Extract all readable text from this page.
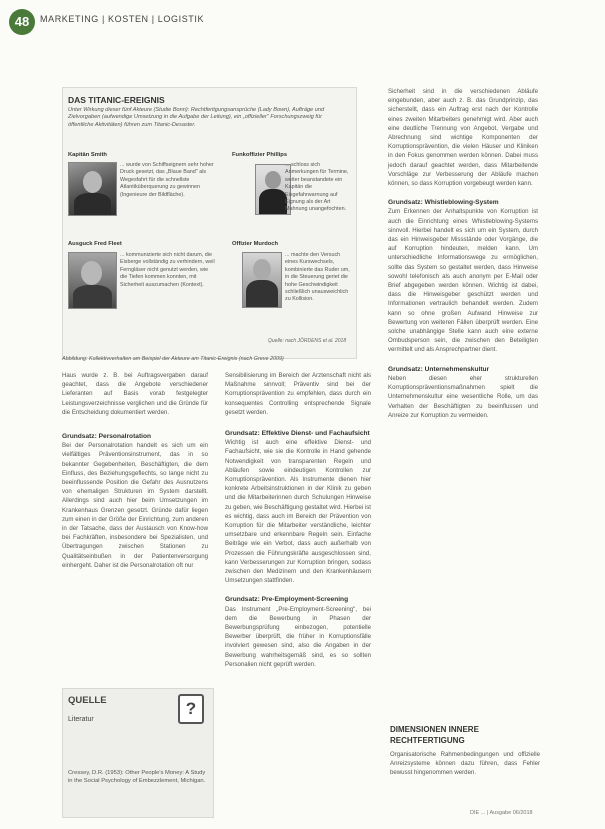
48	MARKETING | KOSTEN | LOGISTIK
DAS TITANIC-EREIGNIS
Unter Wirkung dieser fünf Akteure (Studie Bonn): Rechtfertigungsansprüche (Lady Bown), Aufträge und Zielvorgaben (aufwendige Umsetzung in die Aufgabe der Leitung), ein „offizieller" Forschungszweig für öffentliche Aktivitäten) führen zum Titanic-Desaster.
Kapitän Smith
... wurde von Schiffseignern sehr hoher Druck gesetzt, das „Blaue Band" als Wegesfahrt für die schnellste Atlantiküberquerung zu gewinnen (Ingenieure der Bildfläche).
Funkoffizier Phillips
... schloss sich Anmerkungen für Termine, weiter beanstandete ein Kapitän die Eisgefahrwarnung auf Eignung als der Art Mahnung unangefochten.
Ausguck Fred Fleet
... kommunizierte sich nicht darum, die Eisberge vollständig zu verhindern, weil Ferngläser nicht genutzt werden, wie die Tiefen kommen konnten, mit Sicherheit auszumachen (Kontext).
Offizier Murdoch
... machte den Versuch eines Kurswechsels, kombinierte das Ruder um, in die Steuerung geriet die hohe Geschwindigkeit schließlich unausweichlich zu Kollision.
Quelle: nach JÖRDENS et al. 2018
Abbildung: Kollektivverhalten am Beispiel der Akteure am Titanic-Ereignis (nach Greve 2009)

Haus wurde z. B. bei Auftragsvergaben darauf geachtet, dass die Angebote verschiedener Lieferanten auf Basis vorab festgelegter Leistungsverzeichnisse verglichen und die Gründe für die Entscheidung dokumentiert werden.

Grundsatz: Personalrotation

Bei der Personalrotation handelt es sich um ein vielfältiges Präventionsinstrument, das in so bekannter Gegebenheiten, Beschäftigten, die dem Einfluss, des Beziehungsgeflechts, so lange nicht zu beeinflussende Position die Gefahr des Ausnutzens von ehemaligen Strukturen im System darstellt. Allerdings sind auch hier beim Umsetzungen im Krankenhaus Grenzen gesetzt. Gründe dafür liegen zum einen in der Größe der Einrichtung, zum anderen in der Tatsache, dass der Austausch von Know-how bei Fachkräften, insbesondere bei Spezialisten, und Übertragungen zwischen Stationen zu Qualitätseinbußen in der Patientenversorgung einhergeht. Daher ist die Personalrotation oft nur

Sensibilisierung im Bereich der Arztenschaft nicht als Maßnahme sinnvoll; Präventiv sind bei der Korruptionsprävention zu empfehlen, dass durch ein konsequentes Controlling entsprechende Signale gesetzt werden.

Grundsatz: Effektive Dienst- und Fachaufsicht

Wichtig ist auch eine effektive Dienst- und Fachaufsicht, wie sie die Kontrolle in Hand gehende Notwendigkeit von transparenten Regeln und Abläufen sowie eindeutigen Kontrollen zur Korruptionsprävention. Als Instrumente dienen hier konkrete Arbeitsinstruktionen in der Klinik zu geben und die Mitarbeiterinnen durch Schulungen Hinweise zu geben, wie Beschäftigung gestaltet wird. Hierbei ist es wichtig, dass auch im Bereich der Prävention von Korruption für die Mitarbeiter verständliche, leichter umsetzbare und erkennbare Regeln sein. Einfache Beiträge wie ein Verbot, dass auch außerhalb von Prozessen die Führungskräfte ausgeschlossen sind, kann Verbesserungen zur Korruption bringen, sodass zwischen den Medizinern und den Krankenhäusern Umsetzungen stattfinden.

Grundsatz: Pre-Employment-Screening

Das Instrument „Pre-Employment-Screening", bei dem die Bewerbung in Phasen der Bewerbungsprüfung einbezogen, potentielle Bewerber überprüft, die früher in Korruptionsfälle involviert gewesen sind, also die Angaben in der Bewerbung wahrheitsgemäß sind, es so sollten Personalien nicht geprüft werden.

Sicherheit sind in die verschiedenen Abläufe eingebunden, aber auch z. B. das Grundprinzip, das sicherstellt, dass ein Auftrag erst nach der Kontrolle eines zweiten Mitarbeiters genehmigt wird. Aber auch eine deutliche Trennung von Angebot, Vergabe und Abrechnung sind wichtige Komponenten der Korruptionsprävention, die vielen Häuser und Kliniken in den Fokus genommen werden können. Dabei muss jedoch darauf geachtet werden, dass Mitarbeitende Vorschläge zur Verbesserung der Abläufe machen können, so dass Korruption vorgebeugt werden kann.

Grundsatz: Whistleblowing-System

Zum Erkennen der Anhaltspunkte von Korruption ist auch die Einrichtung eines Whistleblowing-Systems sinnvoll. Hierbei handelt es sich um ein System, durch das ein Hinweisgeber Missstände oder Vorgänge, die auf Korruption hindeuten, melden kann. Um unterschiedliche Informationswege zu ermöglichen, sollte das System so gestaltet werden, dass Hinweise sowohl telefonisch als auch anonym per E-Mail oder Brief abgegeben werden können. Wichtig ist dabei, dass die Hinweisgeber geschützt werden und Informationen vertraulich behandelt werden. Zudem kann so ohne großen Aufwand Hinweise zur Bewertung von weiteren Fällen überprüft werden. Eine solche unabhängige Stelle kann auch eine externe Ombudsperson sein, die zwischen den Beteiligten vermittelt und als Ansprechpartner dient.

Grundsatz: Unternehmenskultur

Neben diesen eher strukturellen Korruptionspräventionsmaßnahmen spielt die Unternehmenskultur eine wesentliche Rolle, um das Verhalten der Beschäftigten zu beeinflussen und Anreize zur Korruption zu vermeiden.

DIMENSIONEN INNERE RECHTFERTIGUNG

Organisatorische Rahmenbedingungen und offizielle Anreizsysteme können dazu führen, dass Fehler bewusst hingenommen werden.

QUELLE	?
Literatur
Cressey, D.R. (1953): Other People's Money: A Study in the Social Psychology of Embezzlement, Michigan.
DIE ... | Ausgabe 06/2018
